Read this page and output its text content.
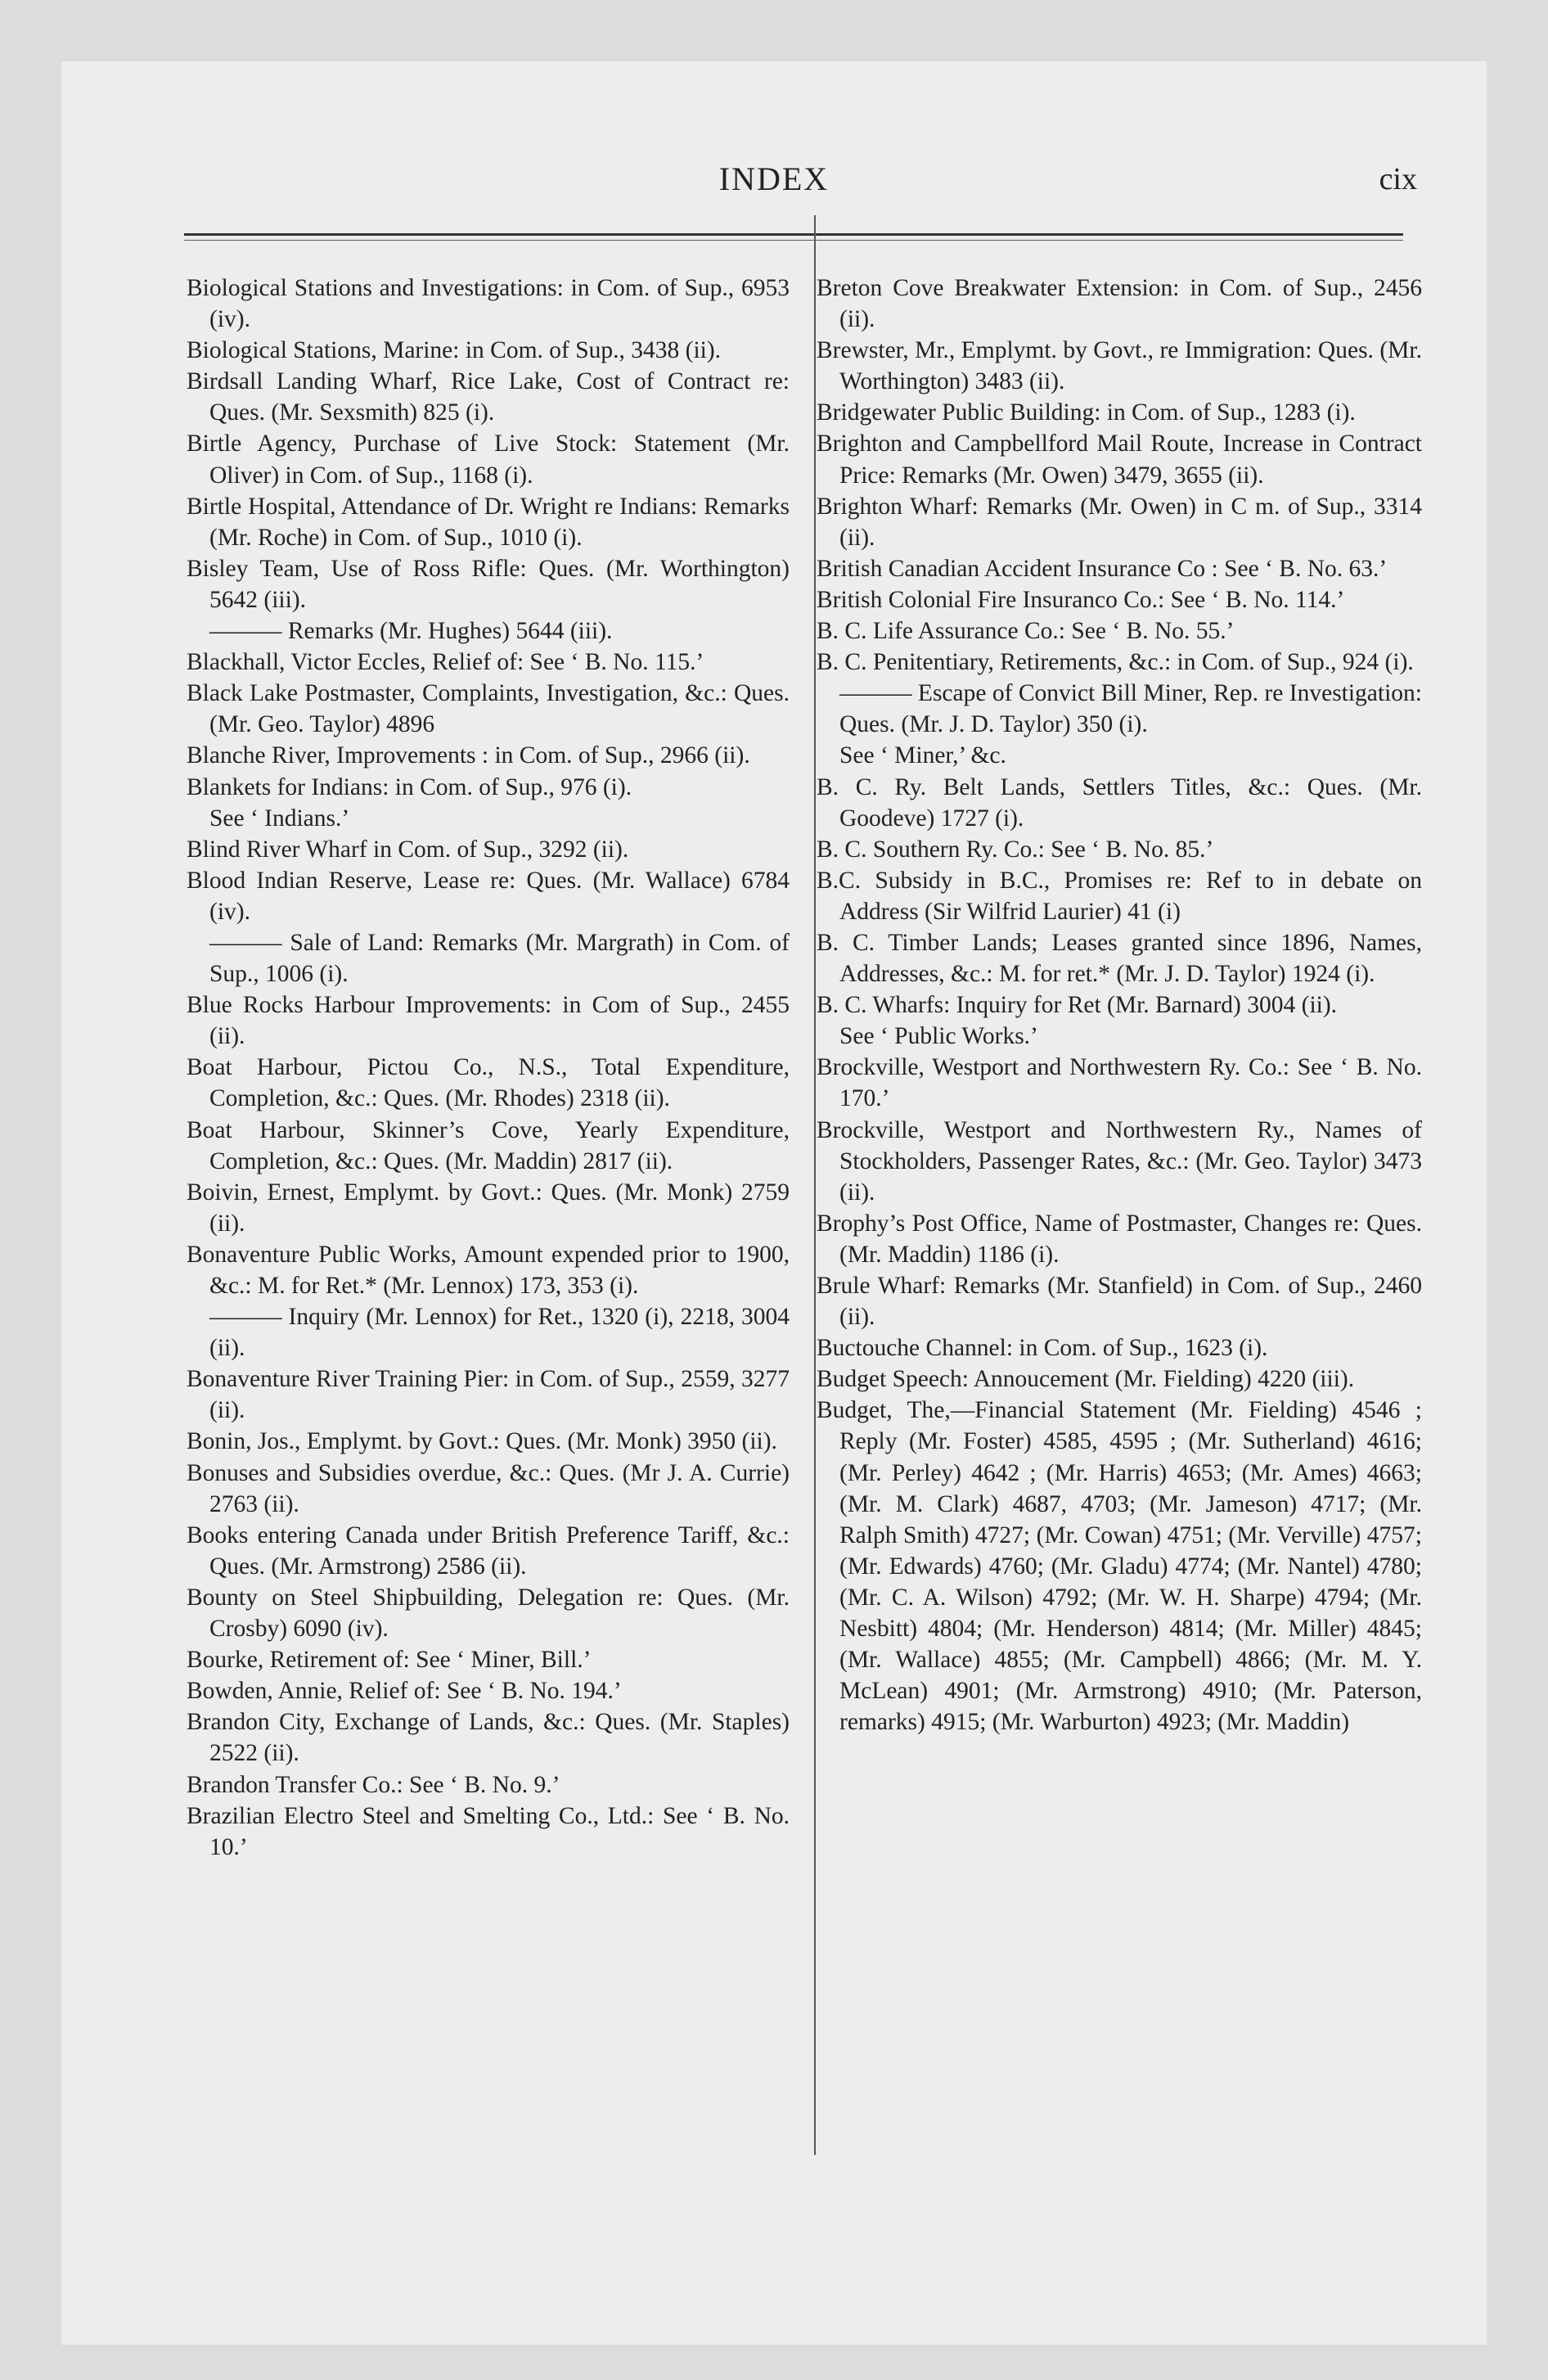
INDEX	cix
Biological Stations and Investigations: in Com. of Sup., 6953 (iv).
Biological Stations, Marine: in Com. of Sup., 3438 (ii).
Birdsall Landing Wharf, Rice Lake, Cost of Contract re: Ques. (Mr. Sexsmith) 825 (i).
Birtle Agency, Purchase of Live Stock: Statement (Mr. Oliver) in Com. of Sup., 1168 (i).
Birtle Hospital, Attendance of Dr. Wright re Indians: Remarks (Mr. Roche) in Com. of Sup., 1010 (i).
Bisley Team, Use of Ross Rifle: Ques. (Mr. Worthington) 5642 (iii).
——— Remarks (Mr. Hughes) 5644 (iii).
Blackhall, Victor Eccles, Relief of: See ‘ B. No. 115.’
Black Lake Postmaster, Complaints, Investigation, &c.: Ques. (Mr. Geo. Taylor) 4896
Blanche River, Improvements : in Com. of Sup., 2966 (ii).
Blankets for Indians: in Com. of Sup., 976 (i).
See ‘ Indians.’
Blind River Wharf in Com. of Sup., 3292 (ii).
Blood Indian Reserve, Lease re: Ques. (Mr. Wallace) 6784 (iv).
——— Sale of Land: Remarks (Mr. Margrath) in Com. of Sup., 1006 (i).
Blue Rocks Harbour Improvements: in Com of Sup., 2455 (ii).
Boat Harbour, Pictou Co., N.S., Total Expenditure, Completion, &c.: Ques. (Mr. Rhodes) 2318 (ii).
Boat Harbour, Skinner’s Cove, Yearly Expenditure, Completion, &c.: Ques. (Mr. Maddin) 2817 (ii).
Boivin, Ernest, Emplymt. by Govt.: Ques. (Mr. Monk) 2759 (ii).
Bonaventure Public Works, Amount expended prior to 1900, &c.: M. for Ret.* (Mr. Lennox) 173, 353 (i).
——— Inquiry (Mr. Lennox) for Ret., 1320 (i), 2218, 3004 (ii).
Bonaventure River Training Pier: in Com. of Sup., 2559, 3277 (ii).
Bonin, Jos., Emplymt. by Govt.: Ques. (Mr. Monk) 3950 (ii).
Bonuses and Subsidies overdue, &c.: Ques. (Mr J. A. Currie) 2763 (ii).
Books entering Canada under British Preference Tariff, &c.: Ques. (Mr. Armstrong) 2586 (ii).
Bounty on Steel Shipbuilding, Delegation re: Ques. (Mr. Crosby) 6090 (iv).
Bourke, Retirement of: See ‘ Miner, Bill.’
Bowden, Annie, Relief of: See ‘ B. No. 194.’
Brandon City, Exchange of Lands, &c.: Ques. (Mr. Staples) 2522 (ii).
Brandon Transfer Co.: See ‘ B. No. 9.’
Brazilian Electro Steel and Smelting Co., Ltd.: See ‘ B. No. 10.’
Breton Cove Breakwater Extension: in Com. of Sup., 2456 (ii).
Brewster, Mr., Emplymt. by Govt., re Immigration: Ques. (Mr. Worthington) 3483 (ii).
Bridgewater Public Building: in Com. of Sup., 1283 (i).
Brighton and Campbellford Mail Route, Increase in Contract Price: Remarks (Mr. Owen) 3479, 3655 (ii).
Brighton Wharf: Remarks (Mr. Owen) in C m. of Sup., 3314 (ii).
British Canadian Accident Insurance Co : See ‘ B. No. 63.’
British Colonial Fire Insuranco Co.: See ‘ B. No. 114.’
B. C. Life Assurance Co.: See ‘ B. No. 55.’
B. C. Penitentiary, Retirements, &c.: in Com. of Sup., 924 (i).
——— Escape of Convict Bill Miner, Rep. re Investigation: Ques. (Mr. J. D. Taylor) 350 (i).
See ‘ Miner,’ &c.
B. C. Ry. Belt Lands, Settlers Titles, &c.: Ques. (Mr. Goodeve) 1727 (i).
B. C. Southern Ry. Co.: See ‘ B. No. 85.’
B.C. Subsidy in B.C., Promises re: Ref to in debate on Address (Sir Wilfrid Laurier) 41 (i)
B. C. Timber Lands; Leases granted since 1896, Names, Addresses, &c.: M. for ret.* (Mr. J. D. Taylor) 1924 (i).
B. C. Wharfs: Inquiry for Ret (Mr. Barnard) 3004 (ii).
See ‘ Public Works.’
Brockville, Westport and Northwestern Ry. Co.: See ‘ B. No. 170.’
Brockville, Westport and Northwestern Ry., Names of Stockholders, Passenger Rates, &c.: (Mr. Geo. Taylor) 3473 (ii).
Brophy’s Post Office, Name of Postmaster, Changes re: Ques. (Mr. Maddin) 1186 (i).
Brule Wharf: Remarks (Mr. Stanfield) in Com. of Sup., 2460 (ii).
Buctouche Channel: in Com. of Sup., 1623 (i).
Budget Speech: Annoucement (Mr. Fielding) 4220 (iii).
Budget, The,—Financial Statement (Mr. Fielding) 4546 ; Reply (Mr. Foster) 4585, 4595 ; (Mr. Sutherland) 4616; (Mr. Perley) 4642 ; (Mr. Harris) 4653; (Mr. Ames) 4663; (Mr. M. Clark) 4687, 4703; (Mr. Jameson) 4717; (Mr. Ralph Smith) 4727; (Mr. Cowan) 4751; (Mr. Verville) 4757; (Mr. Edwards) 4760; (Mr. Gladu) 4774; (Mr. Nantel) 4780; (Mr. C. A. Wilson) 4792; (Mr. W. H. Sharpe) 4794; (Mr. Nesbitt) 4804; (Mr. Henderson) 4814; (Mr. Miller) 4845; (Mr. Wallace) 4855; (Mr. Campbell) 4866; (Mr. M. Y. McLean) 4901; (Mr. Armstrong) 4910; (Mr. Paterson, remarks) 4915; (Mr. Warburton) 4923; (Mr. Maddin)
